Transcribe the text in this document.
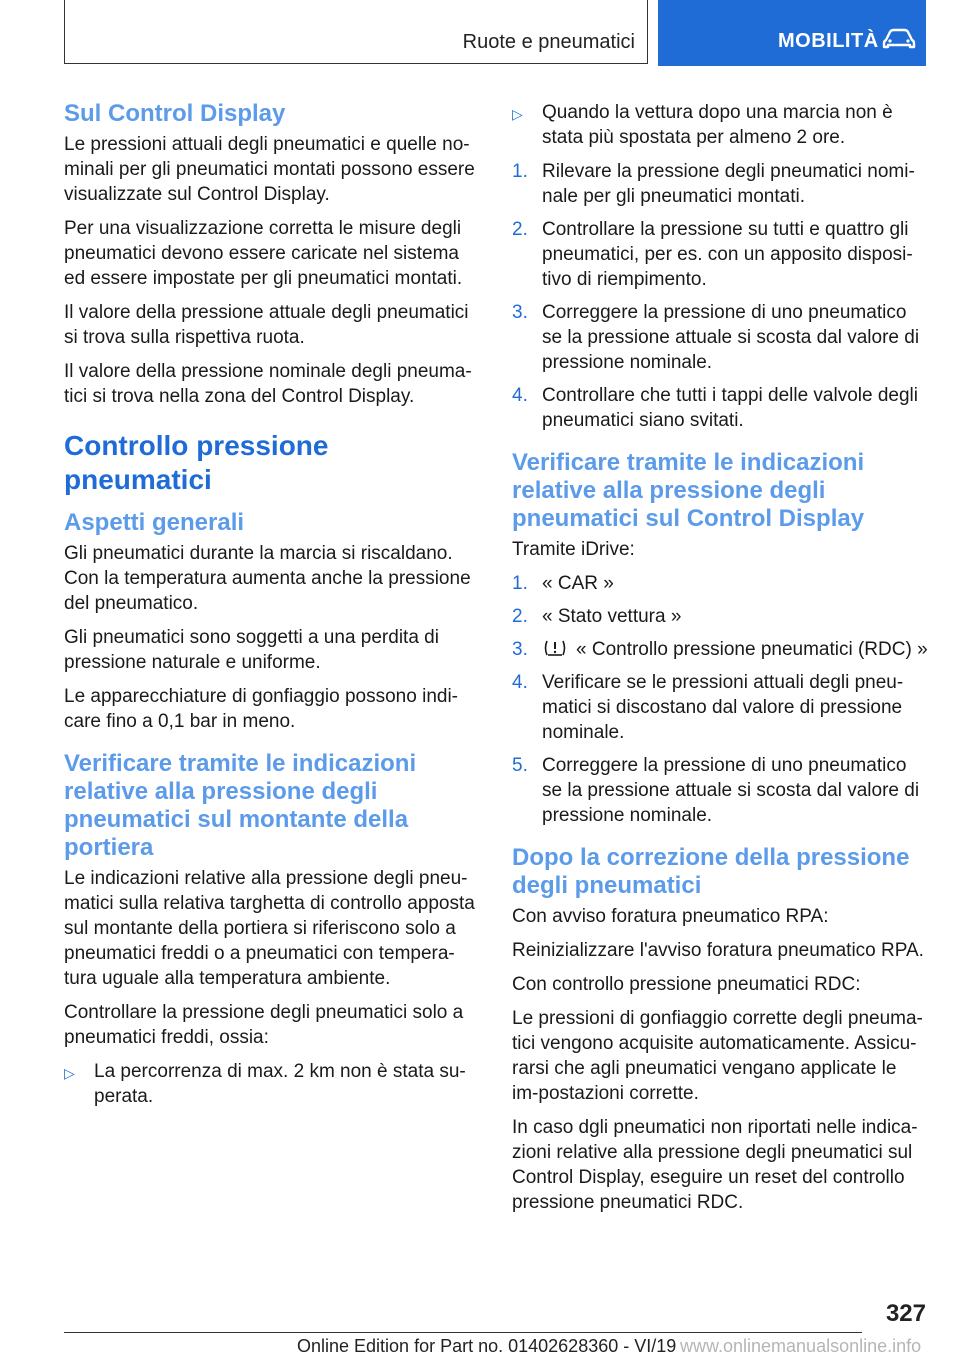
Ruote e pneumatici	MOBILITÀ
Sul Control Display

Le pressioni attuali degli pneumatici e quelle no-minali per gli pneumatici montati possono essere visualizzate sul Control Display.

Per una visualizzazione corretta le misure degli pneumatici devono essere caricate nel sistema ed essere impostate per gli pneumatici montati.

Il valore della pressione attuale degli pneumatici si trova sulla rispettiva ruota.

Il valore della pressione nominale degli pneuma-tici si trova nella zona del Control Display.

Controllo pressione pneumatici
Aspetti generali

Gli pneumatici durante la marcia si riscaldano. Con la temperatura aumenta anche la pressione del pneumatico.

Gli pneumatici sono soggetti a una perdita di pressione naturale e uniforme.

Le apparecchiature di gonfiaggio possono indi-care fino a 0,1 bar in meno.

Verificare tramite le indicazioni relative alla pressione degli pneumatici sul montante della portiera

Le indicazioni relative alla pressione degli pneu-matici sulla relativa targhetta di controllo apposta sul montante della portiera si riferiscono solo a pneumatici freddi o a pneumatici con tempera-tura uguale alla temperatura ambiente.

Controllare la pressione degli pneumatici solo a pneumatici freddi, ossia:

▷ La percorrenza di max. 2 km non è stata su-perata.
▷ Quando la vettura dopo una marcia non è stata più spostata per almeno 2 ore.
1. Rilevare la pressione degli pneumatici nomi-nale per gli pneumatici montati.
2. Controllare la pressione su tutti e quattro gli pneumatici, per es. con un apposito disposi-tivo di riempimento.
3. Correggere la pressione di uno pneumatico se la pressione attuale si scosta dal valore di pressione nominale.
4. Controllare che tutti i tappi delle valvole degli pneumatici siano svitati.
Verificare tramite le indicazioni relative alla pressione degli pneumatici sul Control Display

Tramite iDrive:

1. « CAR »
2. « Stato vettura »
3.	« Controllo pressione pneumatici (RDC) »
4. Verificare se le pressioni attuali degli pneu-matici si discostano dal valore di pressione nominale.
5. Correggere la pressione di uno pneumatico se la pressione attuale si scosta dal valore di pressione nominale.
Dopo la correzione della pressione degli pneumatici

Con avviso foratura pneumatico RPA:

Reinizializzare l'avviso foratura pneumatico RPA.

Con controllo pressione pneumatici RDC:

Le pressioni di gonfiaggio corrette degli pneuma-tici vengono acquisite automaticamente. Assicu-rarsi che agli pneumatici vengano applicate le im-postazioni corrette.

In caso dgli pneumatici non riportati nelle indica-zioni relative alla pressione degli pneumatici sul Control Display, eseguire un reset del controllo pressione pneumatici RDC.

327
Online Edition for Part no. 01402628360 - VI/19 www.onlinemanualsonline.info
